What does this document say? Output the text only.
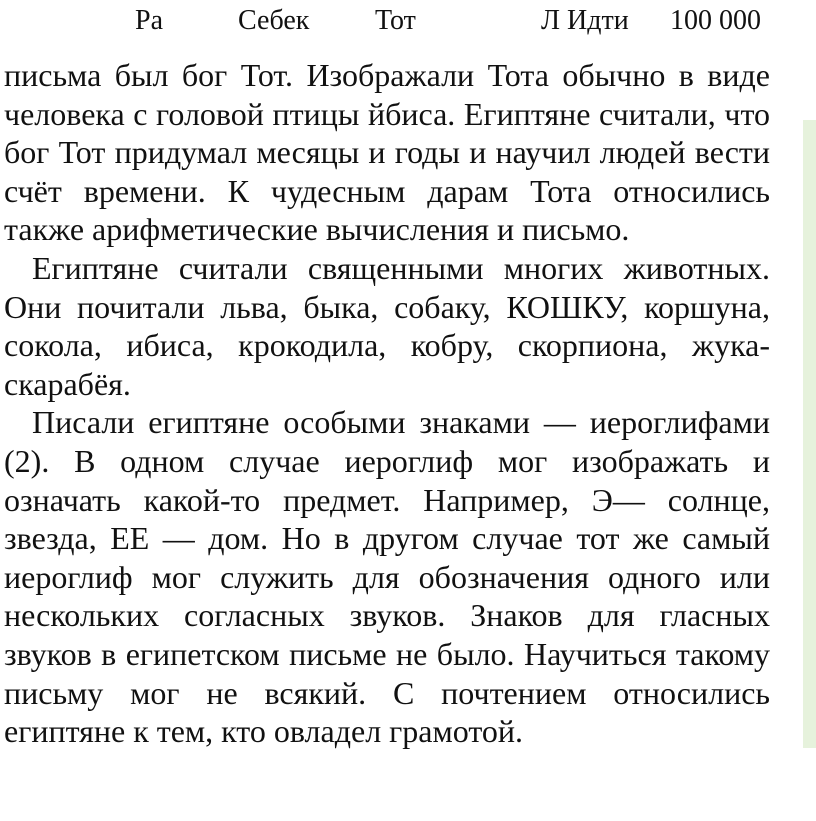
Ра	Себек Тот	Л Идти 100 000

письма был бог Тот. Изображали Тота обычно в виде человека с головой птицы йбиса. Египтяне считали, что бог Тот придумал месяцы и годы и научил людей вести счёт времени. К чудесным дарам Тота относились также арифметические вычисления и письмо.

Египтяне считали священными многих животных. Они почитали льва, быка, собаку, КОШКУ, коршуна, сокола, ибиса, крокодила, кобру, скорпиона, жука-скарабёя.

Писали египтяне особыми знаками — иероглифами (2). В одном случае иероглиф мог изображать и означать какой-то предмет. Например, Э— солнце, звезда, ЕЕ — дом. Но в другом случае тот же самый иероглиф мог служить для обозначения одного или нескольких согласных звуков. Знаков для гласных звуков в египетском письме не было. Научиться такому письму мог не всякий. С почтением относились египтяне к тем, кто овладел грамотой.
